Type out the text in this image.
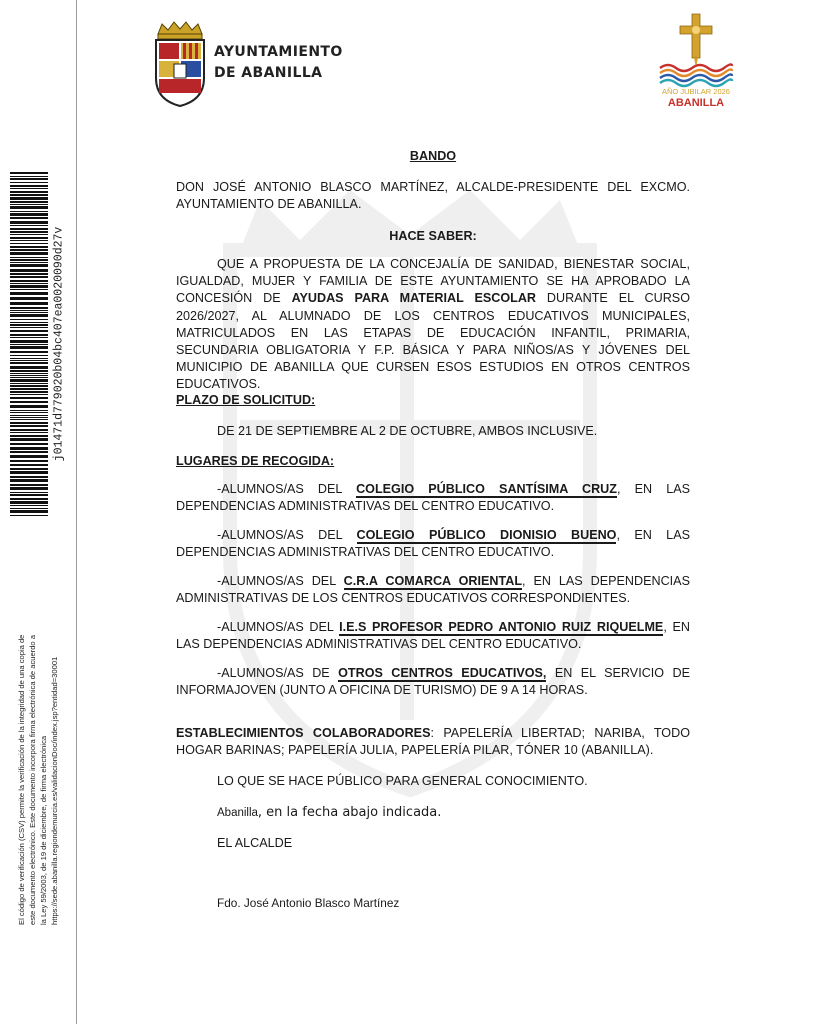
j01471d779020b04bc407ea0020090d27v
El código de verificación (CSV) permite la verificación de la integridad de una copia de este documento electrónico. Este documento incorpora firma electrónica de acuerdo a la Ley 59/2003, de 19 de diciembre, de firma electrónica https://sede.abanilla.regiondemurcia.es/validacionDoc/index.jsp?entidad=30001
AYUNTAMIENTO
DE ABANILLA
AÑO JUBILAR 2026
ABANILLA
BANDO
DON JOSÉ ANTONIO BLASCO MARTÍNEZ, ALCALDE-PRESIDENTE DEL EXCMO. AYUNTAMIENTO DE ABANILLA.
HACE SABER:
QUE A PROPUESTA DE LA CONCEJALÍA DE SANIDAD, BIENESTAR SOCIAL, IGUALDAD, MUJER Y FAMILIA DE ESTE AYUNTAMIENTO SE HA APROBADO LA CONCESIÓN DE AYUDAS PARA MATERIAL ESCOLAR DURANTE EL CURSO 2026/2027, AL ALUMNADO DE LOS CENTROS EDUCATIVOS MUNICIPALES, MATRICULADOS EN LAS ETAPAS DE EDUCACIÓN INFANTIL, PRIMARIA, SECUNDARIA OBLIGATORIA Y F.P. BÁSICA Y PARA NIÑOS/AS Y JÓVENES DEL MUNICIPIO DE ABANILLA QUE CURSEN ESOS ESTUDIOS EN OTROS CENTROS EDUCATIVOS.
PLAZO DE SOLICITUD:
DE 21 DE SEPTIEMBRE AL 2 DE OCTUBRE, AMBOS INCLUSIVE.
LUGARES DE RECOGIDA:
-ALUMNOS/AS DEL COLEGIO PÚBLICO SANTÍSIMA CRUZ, EN LAS DEPENDENCIAS ADMINISTRATIVAS DEL CENTRO EDUCATIVO.
-ALUMNOS/AS DEL COLEGIO PÚBLICO DIONISIO BUENO, EN LAS DEPENDENCIAS ADMINISTRATIVAS DEL CENTRO EDUCATIVO.
-ALUMNOS/AS DEL C.R.A COMARCA ORIENTAL, EN LAS DEPENDENCIAS ADMINISTRATIVAS DE LOS CENTROS EDUCATIVOS CORRESPONDIENTES.
-ALUMNOS/AS DEL I.E.S PROFESOR PEDRO ANTONIO RUIZ RIQUELME, EN LAS DEPENDENCIAS ADMINISTRATIVAS DEL CENTRO EDUCATIVO.
-ALUMNOS/AS DE OTROS CENTROS EDUCATIVOS, EN EL SERVICIO DE INFORMAJOVEN (JUNTO A OFICINA DE TURISMO) DE 9 A 14 HORAS.
ESTABLECIMIENTOS COLABORADORES: PAPELERÍA LIBERTAD; NARIBA, TODO HOGAR BARINAS; PAPELERÍA JULIA, PAPELERÍA PILAR, TÓNER 10 (ABANILLA).
LO QUE SE HACE PÚBLICO PARA GENERAL CONOCIMIENTO.
Abanilla, en la fecha abajo indicada.
EL ALCALDE
Fdo. José Antonio Blasco Martínez
